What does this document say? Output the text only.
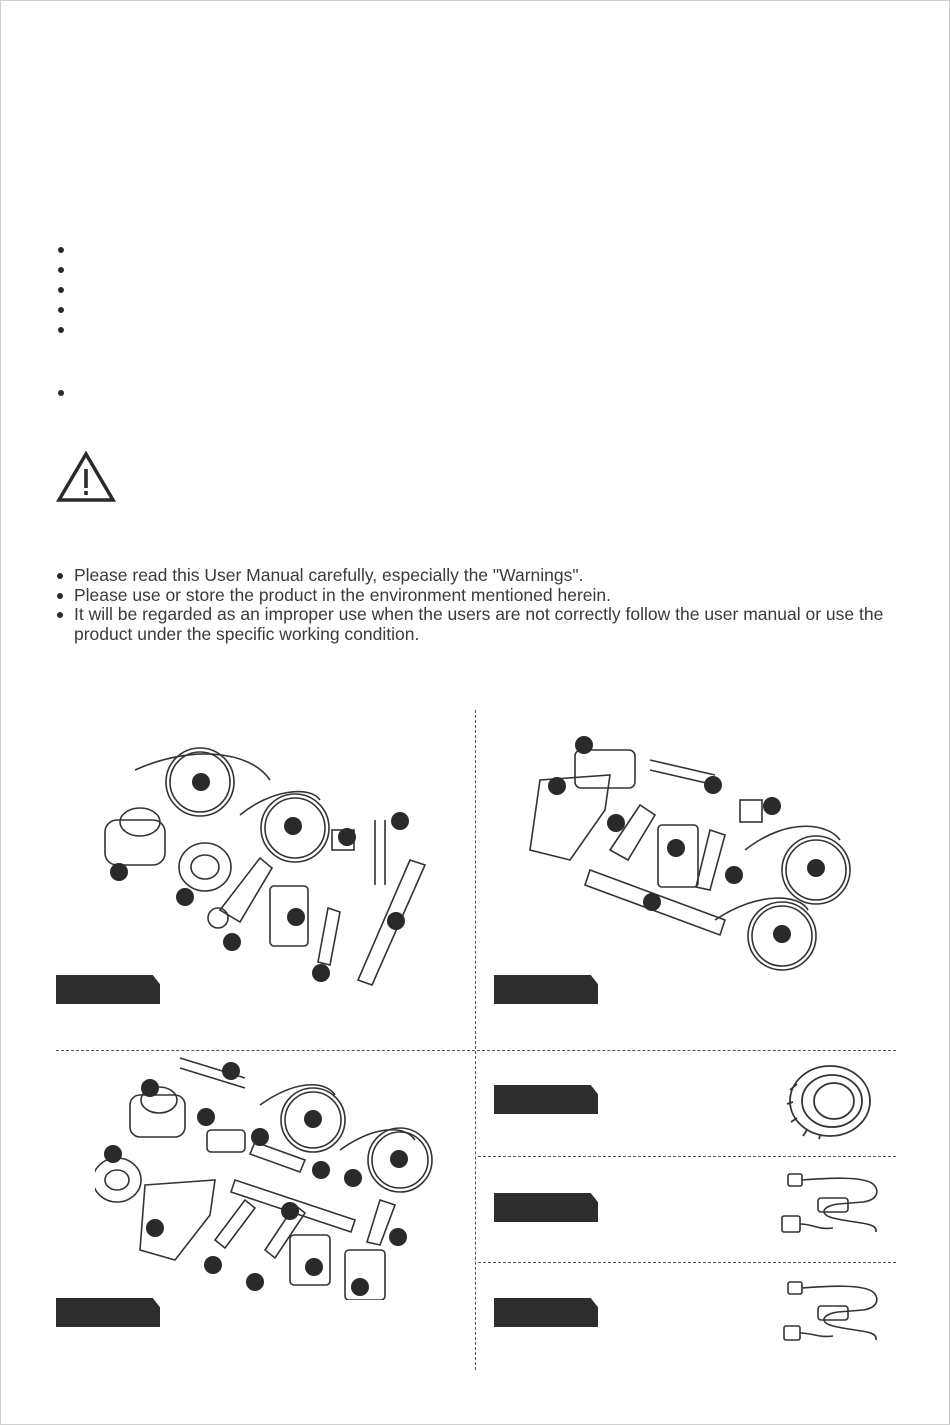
Please read this User Manual carefully, especially the "Warnings".
Please use or store the product in the environment mentioned herein.
It will be regarded as an improper use when the users are not correctly follow the user manual or use the product under the specific working condition.
